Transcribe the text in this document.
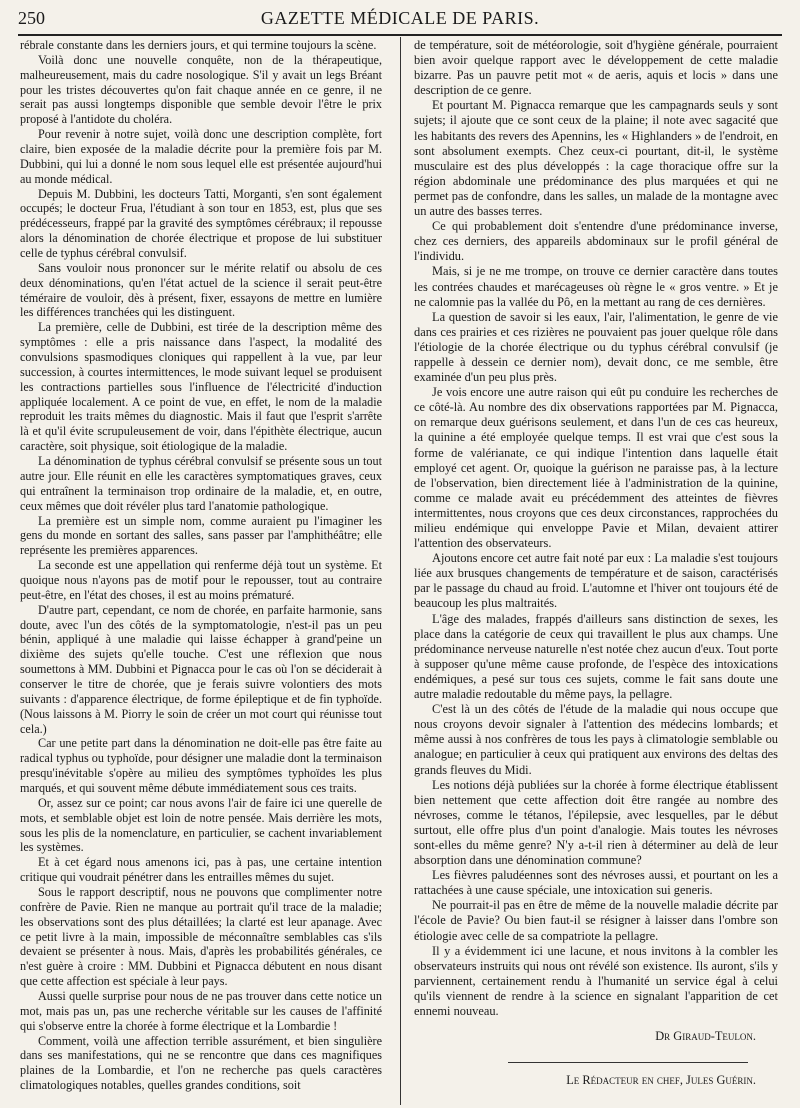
250	GAZETTE MÉDICALE DE PARIS.

rébrale constante dans les derniers jours, et qui termine toujours la scène.

Voilà donc une nouvelle conquête, non de la thérapeutique, malheureusement, mais du cadre nosologique. S'il y avait un legs Bréant pour les tristes découvertes qu'on fait chaque année en ce genre, il ne serait pas aussi longtemps disponible que semble devoir l'être le prix proposé à l'antidote du choléra.

Pour revenir à notre sujet, voilà donc une description complète, fort claire, bien exposée de la maladie décrite pour la première fois par M. Dubbini, qui lui a donné le nom sous lequel elle est présentée aujourd'hui au monde médical.

Depuis M. Dubbini, les docteurs Tatti, Morganti, s'en sont également occupés; le docteur Frua, l'étudiant à son tour en 1853, est, plus que ses prédécesseurs, frappé par la gravité des symptômes cérébraux; il repousse alors la dénomination de chorée électrique et propose de lui substituer celle de typhus cérébral convulsif.

Sans vouloir nous prononcer sur le mérite relatif ou absolu de ces deux dénominations, qu'en l'état actuel de la science il serait peut-être téméraire de vouloir, dès à présent, fixer, essayons de mettre en lumière les différences tranchées qui les distinguent.

La première, celle de Dubbini, est tirée de la description même des symptômes : elle a pris naissance dans l'aspect, la modalité des convulsions spasmodiques cloniques qui rappellent à la vue, par leur succession, à courtes intermittences, le mode suivant lequel se produisent les contractions partielles sous l'influence de l'électricité d'induction appliquée localement. A ce point de vue, en effet, le nom de la maladie reproduit les traits mêmes du diagnostic. Mais il faut que l'esprit s'arrête là et qu'il évite scrupuleusement de voir, dans l'épithète électrique, aucun caractère, soit physique, soit étiologique de la maladie.

La dénomination de typhus cérébral convulsif se présente sous un tout autre jour. Elle réunit en elle les caractères symptomatiques graves, ceux qui entraînent la terminaison trop ordinaire de la maladie, et, en outre, ceux mêmes que doit révéler plus tard l'anatomie pathologique.

La première est un simple nom, comme auraient pu l'imaginer les gens du monde en sortant des salles, sans passer par l'amphithéâtre; elle représente les premières apparences.

La seconde est une appellation qui renferme déjà tout un système. Et quoique nous n'ayons pas de motif pour le repousser, tout au contraire peut-être, en l'état des choses, il est au moins prématuré.

D'autre part, cependant, ce nom de chorée, en parfaite harmonie, sans doute, avec l'un des côtés de la symptomatologie, n'est-il pas un peu bénin, appliqué à une maladie qui laisse échapper à grand'peine un dixième des sujets qu'elle touche. C'est une réflexion que nous soumettons à MM. Dubbini et Pignacca pour le cas où l'on se déciderait à conserver le titre de chorée, que je ferais suivre volontiers des mots suivants : d'apparence électrique, de forme épileptique et de fin typhoïde. (Nous laissons à M. Piorry le soin de créer un mot court qui réunisse tout cela.)

Car une petite part dans la dénomination ne doit-elle pas être faite au radical typhus ou typhoïde, pour désigner une maladie dont la terminaison presqu'inévitable s'opère au milieu des symptômes typhoïdes les plus marqués, et qui souvent même débute immédiatement sous ces traits.

Or, assez sur ce point; car nous avons l'air de faire ici une querelle de mots, et semblable objet est loin de notre pensée. Mais derrière les mots, sous les plis de la nomenclature, en particulier, se cachent invariablement les systèmes.

Et à cet égard nous amenons ici, pas à pas, une certaine intention critique qui voudrait pénétrer dans les entrailles mêmes du sujet.

Sous le rapport descriptif, nous ne pouvons que complimenter notre confrère de Pavie. Rien ne manque au portrait qu'il trace de la maladie; les observations sont des plus détaillées; la clarté est leur apanage. Avec ce petit livre à la main, impossible de méconnaître semblables cas s'ils devaient se présenter à nous. Mais, d'après les probabilités générales, ce n'est guère à croire : MM. Dubbini et Pignacca débutent en nous disant que cette affection est spéciale à leur pays.

Aussi quelle surprise pour nous de ne pas trouver dans cette notice un mot, mais pas un, pas une recherche véritable sur les causes de l'affinité qui s'observe entre la chorée à forme électrique et la Lombardie !

Comment, voilà une affection terrible assurément, et bien singulière dans ses manifestations, qui ne se rencontre que dans ces magnifiques plaines de la Lombardie, et l'on ne recherche pas quels caractères climatologiques notables, quelles grandes conditions, soit

de température, soit de météorologie, soit d'hygiène générale, pourraient bien avoir quelque rapport avec le développement de cette maladie bizarre. Pas un pauvre petit mot « de aeris, aquis et locis » dans une description de ce genre.

Et pourtant M. Pignacca remarque que les campagnards seuls y sont sujets; il ajoute que ce sont ceux de la plaine; il note avec sagacité que les habitants des revers des Apennins, les « Highlanders » de l'endroit, en sont absolument exempts. Chez ceux-ci pourtant, dit-il, le système musculaire est des plus développés : la cage thoracique offre sur la région abdominale une prédominance des plus marquées et qui ne permet pas de confondre, dans les salles, un malade de la montagne avec un autre des basses terres.

Ce qui probablement doit s'entendre d'une prédominance inverse, chez ces derniers, des appareils abdominaux sur le profil général de l'individu.

Mais, si je ne me trompe, on trouve ce dernier caractère dans toutes les contrées chaudes et marécageuses où règne le « gros ventre. » Et je ne calomnie pas la vallée du Pô, en la mettant au rang de ces dernières.

La question de savoir si les eaux, l'air, l'alimentation, le genre de vie dans ces prairies et ces rizières ne pouvaient pas jouer quelque rôle dans l'étiologie de la chorée électrique ou du typhus cérébral convulsif (je rappelle à dessein ce dernier nom), devait donc, ce me semble, être examinée d'un peu plus près.

Je vois encore une autre raison qui eût pu conduire les recherches de ce côté-là. Au nombre des dix observations rapportées par M. Pignacca, on remarque deux guérisons seulement, et dans l'un de ces cas heureux, la quinine a été employée quelque temps. Il est vrai que c'est sous la forme de valérianate, ce qui indique l'intention dans laquelle était employé cet agent. Or, quoique la guérison ne paraisse pas, à la lecture de l'observation, bien directement liée à l'administration de la quinine, comme ce malade avait eu précédemment des atteintes de fièvres intermittentes, nous croyons que ces deux circonstances, rapprochées du milieu endémique qui enveloppe Pavie et Milan, devaient attirer l'attention des observateurs.

Ajoutons encore cet autre fait noté par eux : La maladie s'est toujours liée aux brusques changements de température et de saison, caractérisés par le passage du chaud au froid. L'automne et l'hiver ont toujours été de beaucoup les plus maltraités.

L'âge des malades, frappés d'ailleurs sans distinction de sexes, les place dans la catégorie de ceux qui travaillent le plus aux champs. Une prédominance nerveuse naturelle n'est notée chez aucun d'eux. Tout porte à supposer qu'une même cause profonde, de l'espèce des intoxications endémiques, a pesé sur tous ces sujets, comme le fait sans doute une autre maladie redoutable du même pays, la pellagre.

C'est là un des côtés de l'étude de la maladie qui nous occupe que nous croyons devoir signaler à l'attention des médecins lombards; et même aussi à nos confrères de tous les pays à climatologie semblable ou analogue; en particulier à ceux qui pratiquent aux environs des deltas des grands fleuves du Midi.

Les notions déjà publiées sur la chorée à forme électrique établissent bien nettement que cette affection doit être rangée au nombre des névroses, comme le tétanos, l'épilepsie, avec lesquelles, par le début surtout, elle offre plus d'un point d'analogie. Mais toutes les névroses sont-elles du même genre? N'y a-t-il rien à déterminer au delà de leur absorption dans une dénomination commune?

Les fièvres paludéennes sont des névroses aussi, et pourtant on les a rattachées à une cause spéciale, une intoxication sui generis.

Ne pourrait-il pas en être de même de la nouvelle maladie décrite par l'école de Pavie? Ou bien faut-il se résigner à laisser dans l'ombre son étiologie avec celle de sa compatriote la pellagre.

Il y a évidemment ici une lacune, et nous invitons à la combler les observateurs instruits qui nous ont révélé son existence. Ils auront, s'ils y parviennent, certainement rendu à l'humanité un service égal à celui qu'ils viennent de rendre à la science en signalant l'apparition de cet ennemi nouveau.

Dr Giraud-Teulon.
Le Rédacteur en chef, Jules Guérin.
